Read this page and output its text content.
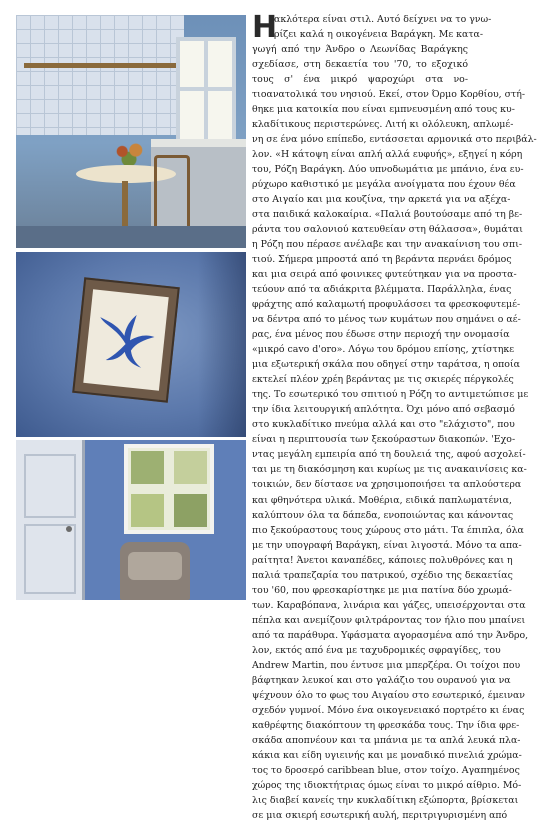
Η
ακλότερα είναι στιλ. Αυτό δείχνει να το γνω-
ρίζει καλά η οικογένεια Βαράγκη. Με κατα-
γωγή από την Άνδρο ο Λεωνίδας Βαράγκης
σχεδίασε, στη δεκαετία του '70, το εξοχικό
τους σ' ένα μικρό ψαροχώρι στα νο-
τιοανατολικά του νησιού. Εκεί, στον Όρμο Κορθίου, στή-
θηκε μια κατοικία που είναι εμπνευσμένη από τους κυ-
κλαδίτικους περιστερώνες. Λιτή κι ολόλευκη, απλωμέ-
νη σε ένα μόνο επίπεδο, εντάσσεται αρμονικά στο περιβάλ-
λον. «Η κάτοψη είναι απλή αλλά ευφυής», εξηγεί η κόρη
του, Ρόζη Βαράγκη. Δύο υπνοδωμάτια με μπάνιο, ένα ευ-
ρύχωρο καθιστικό με μεγάλα ανοίγματα που έχουν θέα
στο Αιγαίο και μια κουζίνα, την αρκετά για να αξέχα-
στα παιδικά καλοκαίρια. «Παλιά βουτούσαμε από τη βε-
ράντα του σαλονιού κατευθείαν στη θάλασσα», θυμάται
η Ρόζη που πέρασε ανέλαβε και την ανακαίνιση του σπι-
τιού. Σήμερα μπροστά από τη βεράντα περνάει δρόμος
και μια σειρά από φοινικες φυτεύτηκαν για να προστα-
τεύουν από τα αδιάκριτα βλέμματα. Παράλληλα, ένας
φράχτης από καλαμωτή προφυλάσσει τα φρεσκοφυτεμέ-
να δέντρα από το μένος των κυμάτων που σημάνει ο αέ-
ρας, ένα μένος που έδωσε στην περιοχή την ονομασία
«μικρό cavo d'oro». Λόγω του δρόμου επίσης, χτίστηκε
μια εξωτερική σκάλα που οδηγεί στην ταράτσα, η οποία
εκτελεί πλέον χρέη βεράντας με τις σκιερές πέργκολές
της. Το εσωτερικό του σπιτιού η Ρόζη το αντιμετώπισε με
την ίδια λειτουργική απλότητα. Όχι μόνο από σεβασμό
στο κυκλαδίτικο πνεύμα αλλά και στο "ελάχιστο", που
είναι η περιπτουσία των ξεκούραστων διακοπών. 'Εχο-
ντας μεγάλη εμπειρία από τη δουλειά της, αφού ασχολεί-
ται με τη διακόσμηση και κυρίως με τις ανακαινίσεις κα-
τοικιών, δεν δίστασε να χρησιμοποιήσει τα απλούστερα
και φθηνότερα υλικά. Μοθέρια, ειδικά παπλωματένια,
καλύπτουν όλα τα δάπεδα, ενοποιώντας και κάνοντας
πιο ξεκούραστους τους χώρους στο μάτι. Τα έπιπλα, όλα
με την υπογραφή Βαράγκη, είναι λιγοστά. Μόνο τα απα-
ραίτητα! Άνετοι καναπέδες, κάποιες πολυθρόνες και η
παλιά τραπεζαρία του πατρικού, σχέδιο της δεκαετίας
του '60, που φρεσκαρίστηκε με μια πατίνα δύο χρωμά-
των. Καραβόπανα, λινάρια και γάζες, υπεισέρχονται στα
πέπλα και ανεμίζουν φιλτράροντας τον ήλιο που μπαίνει
από τα παράθυρα. Υφάσματα αγορασμένα από την Άνδρο,
λον, εκτός από ένα με ταχυδρομικές σφραγίδες, του
Andrew Martin, που έντυσε μια μπερζέρα. Οι τοίχοι που
βάφτηκαν λευκοί και στο γαλάζιο του ουρανού για να
ψέχνουν όλο το φως του Αιγαίου στο εσωτερικό, έμειναν
σχεδόν γυμνοί. Μόνο ένα οικογενειακό πορτρέτο κι ένας
καθρέφτης διακόπτουν τη φρεσκάδα τους. Την ίδια φρε-
σκάδα αποπνέουν και τα μπάνια με τα απλά λευκά πλα-
κάκια και είδη υγιεινής και με μοναδικό πινελιά χρώμα-
τος το δροσερό caribbean blue, στον τοίχο. Αγαπημένος
χώρος της ιδιοκτήτριας όμως είναι το μικρό αίθριο. Μό-
λις διαβεί κανείς την κυκλαδίτικη εξώπορτα, βρίσκεται
σε μια σκιερή εσωτερική αυλή, περιτριγυρισμένη από
